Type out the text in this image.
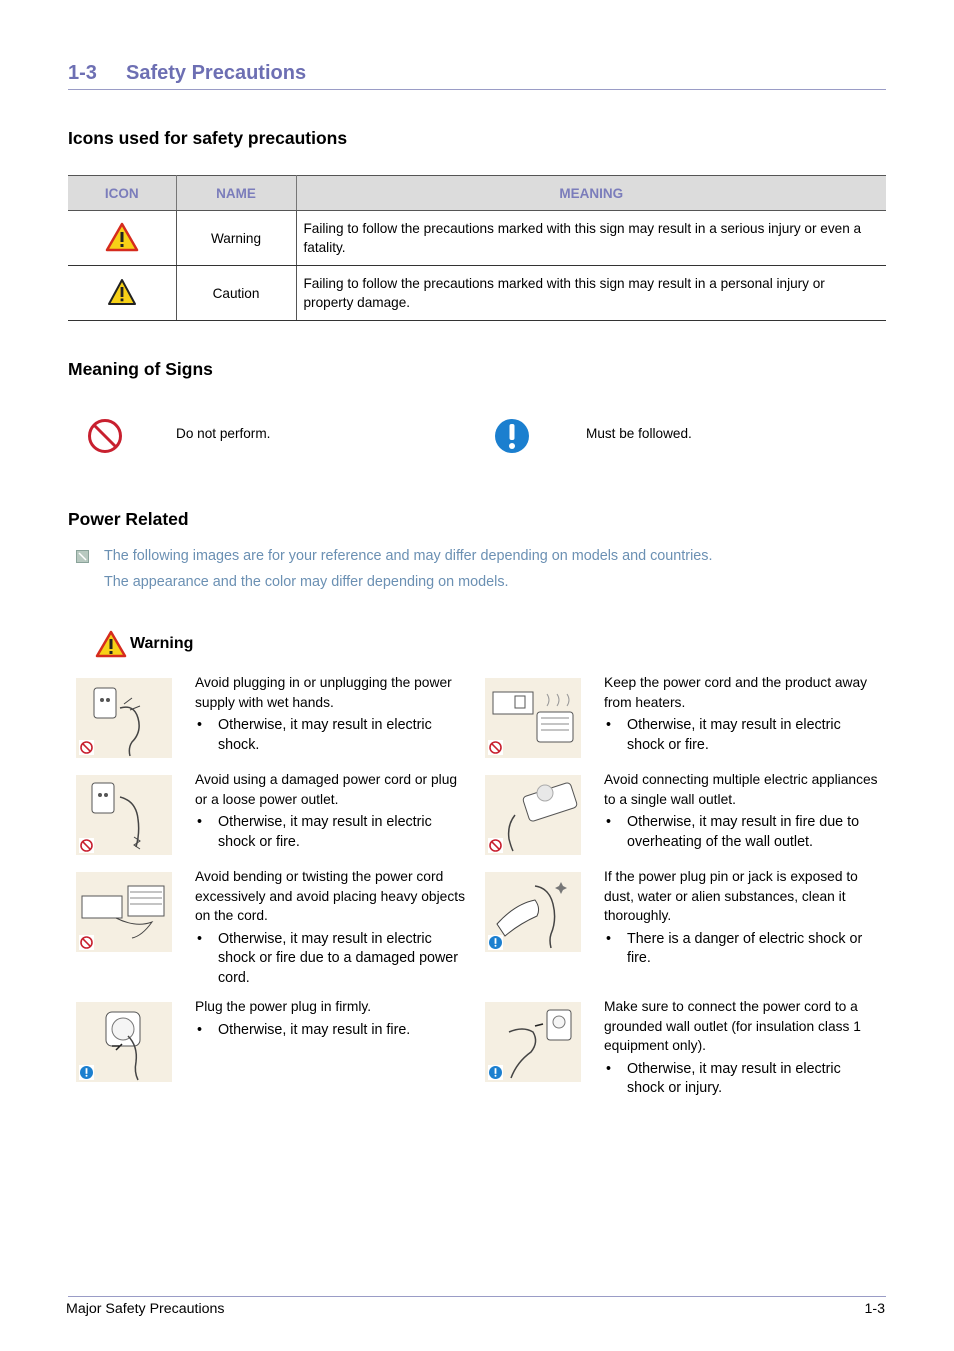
1-3 Safety Precautions
Icons used for safety precautions
ICON	NAME	MEANING
	Warning	Failing to follow the precautions marked with this sign may result in a serious injury or even a fatality.
	Caution	Failing to follow the precautions marked with this sign may result in a personal injury or property damage.
Meaning of Signs
Do not perform.	Must be followed.
Power Related
The following images are for your reference and may differ depending on models and countries.
The appearance and the color may differ depending on models.
Warning
Avoid plugging in or unplugging the power supply with wet hands.
• Otherwise, it may result in electric shock.
Keep the power cord and the product away from heaters.
• Otherwise, it may result in electric shock or fire.
Avoid using a damaged power cord or plug or a loose power outlet.
• Otherwise, it may result in electric shock or fire.
Avoid connecting multiple electric appliances to a single wall outlet.
• Otherwise, it may result in fire due to overheating of the wall outlet.
Avoid bending or twisting the power cord excessively and avoid placing heavy objects on the cord.
• Otherwise, it may result in electric shock or fire due to a damaged power cord.
If the power plug pin or jack is exposed to dust, water or alien substances, clean it thoroughly.
• There is a danger of electric shock or fire.
Plug the power plug in firmly.
• Otherwise, it may result in fire.
Make sure to connect the power cord to a grounded wall outlet (for insulation class 1 equipment only).
• Otherwise, it may result in electric shock or injury.
Major Safety Precautions	1-3
